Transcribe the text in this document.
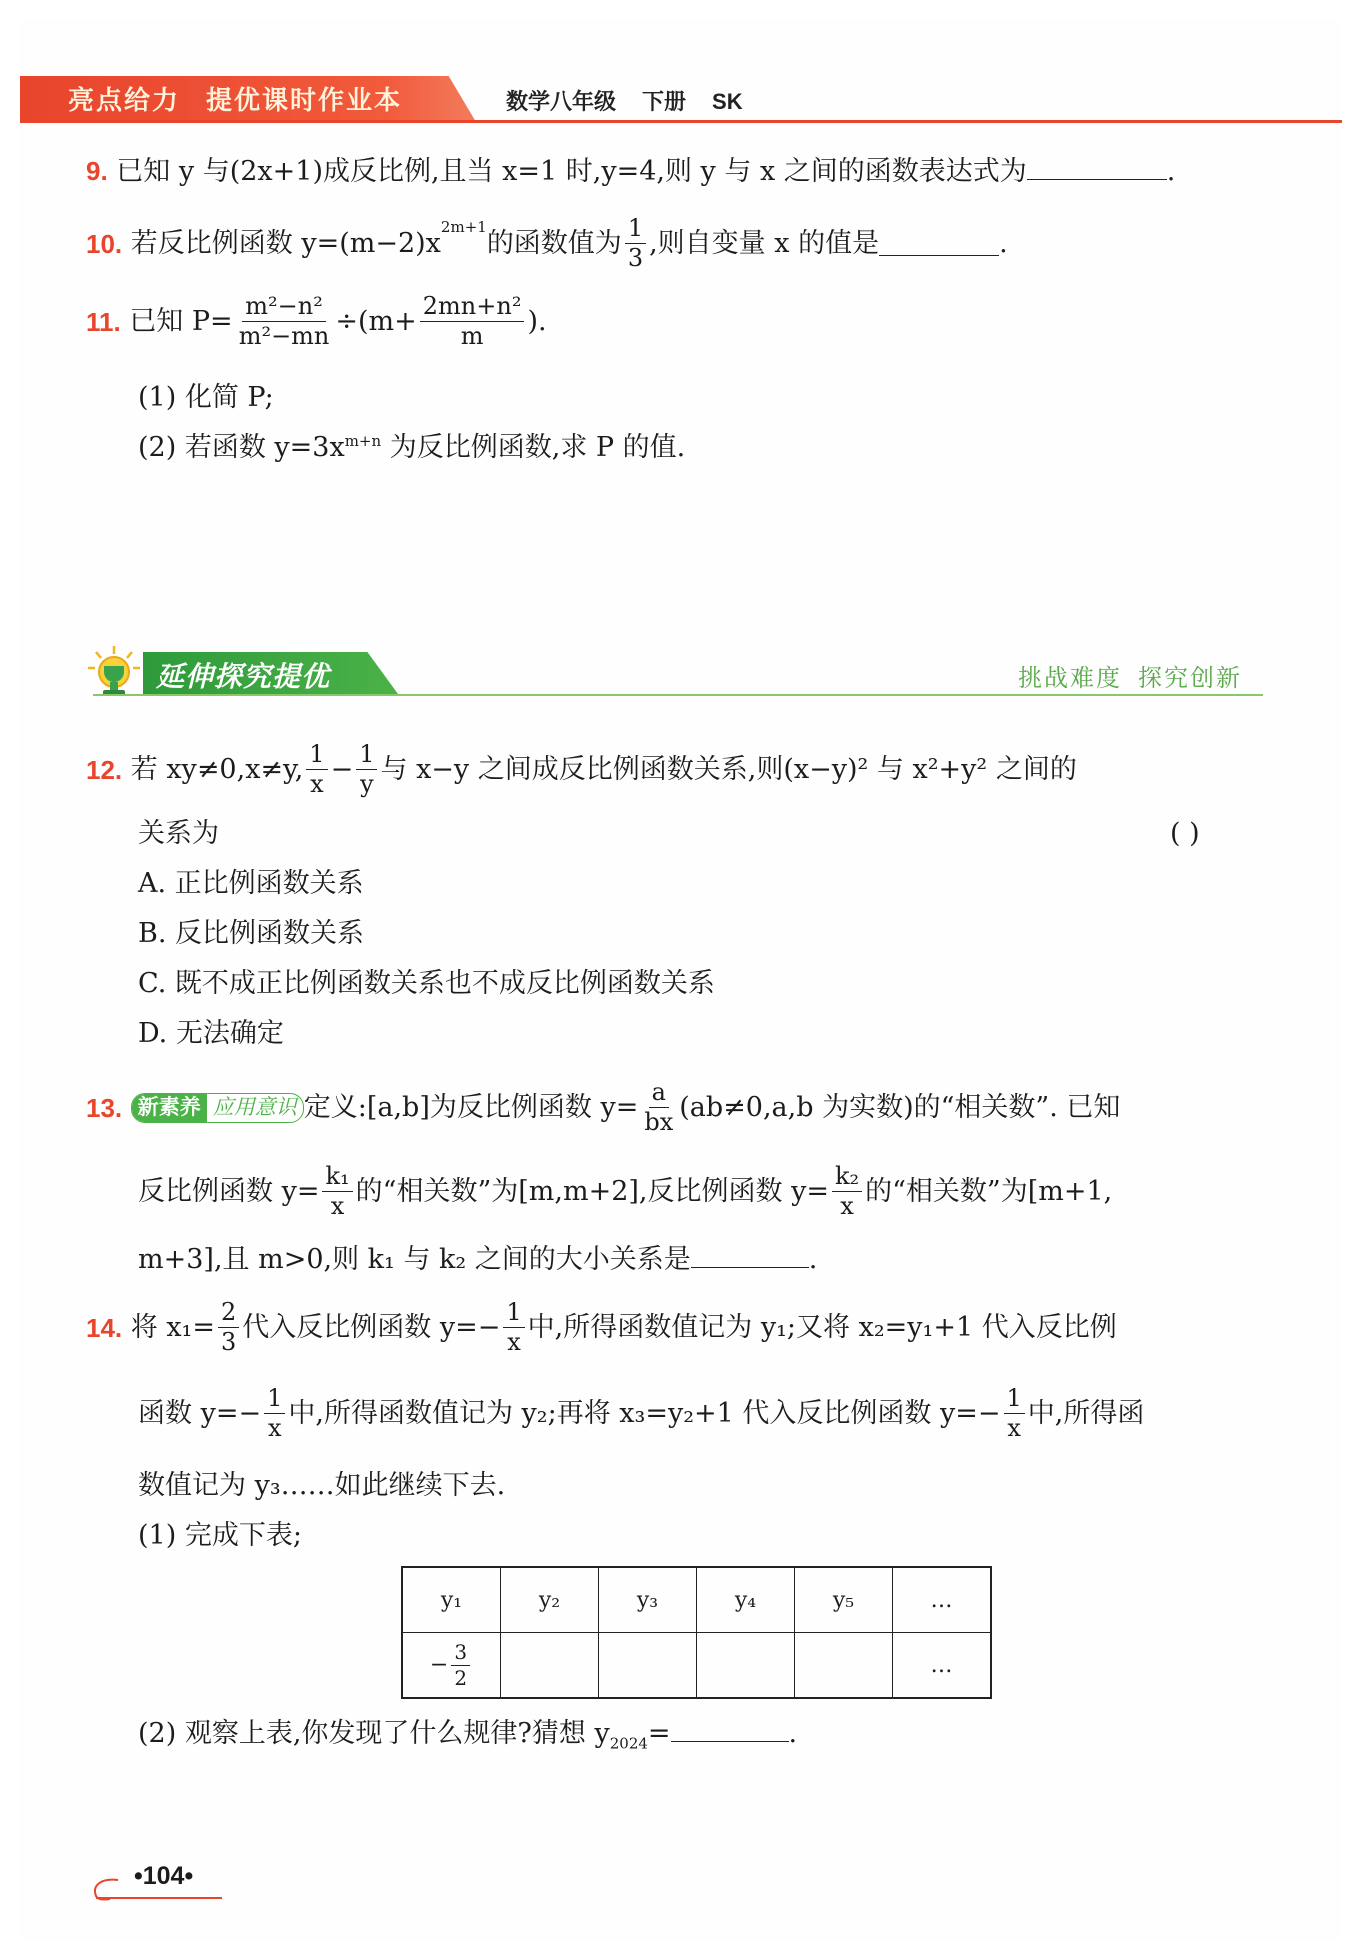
亮点给力 提优课时作业本	数学八年级 下册 SK
9. 已知 y 与(2x+1)成反比例,且当 x=1 时,y=4,则 y 与 x 之间的函数表达式为	.
10.
若反比例函数 y=(m−2)x
$^{2m+1}$
的函数值为 $\frac{1}{3}$ ,则自变量 x 的值是	.
11.
已知 $P= \frac{\text{m²−n²}}{\text{m²−mn}} \div(m+ \frac{\text{2mn+n²}}{m}$ ).
(1) 化简 P;
(2) 若函数 $y=3x^{m+n}$ 为反比例函数,求 P 的值.
延伸探究提优	挑战难度 探究创新
12.
若 xy≠0,x≠y, $\frac{1}{x} - \frac{1}{y}$ 与 x−y 之间成反比例函数关系,则(x−y)² 与 x²+y² 之间的
关系为	( )
A. 正比例函数关系
B. 反比例函数关系
C. 既不成正比例函数关系也不成反比例函数关系
D. 无法确定
13.
新素养 应用意识 定义:[a,b]为反比例函数 $y= \frac{a}{bx} (ab\ne 0,a,b$ 为实数)的“相关数”. 已知
反比例函数 $y= \frac{\text{k₁}}{x}$ 的“相关数”为[m,m+2],反比例函数 $y= \frac{\text{k₂}}{x}$ 的“相关数”为[m+1,
m+3],且 m>0,则 k₁ 与 k₂ 之间的大小关系是	.
14.
将 $x_1= \frac{2}{3}$ 代入反比例函数 $y=- \frac{1}{x}$ 中,所得函数值记为 y₁;又将 x₂=y₁+1 代入反比例
函数 $y=- \frac{1}{x}$ 中,所得函数值记为 y₂;再将 x₃=y₂+1 代入反比例函数 $y=- \frac{1}{x}$ 中,所得函
数值记为 y₃……如此继续下去.
(1) 完成下表;
y₁	y₂	y₃	y₄	y₅	…
− $\frac{3}{2}$					…
(2) 观察上表,你发现了什么规律?猜想 $y_{2024}=$	.
•104•
